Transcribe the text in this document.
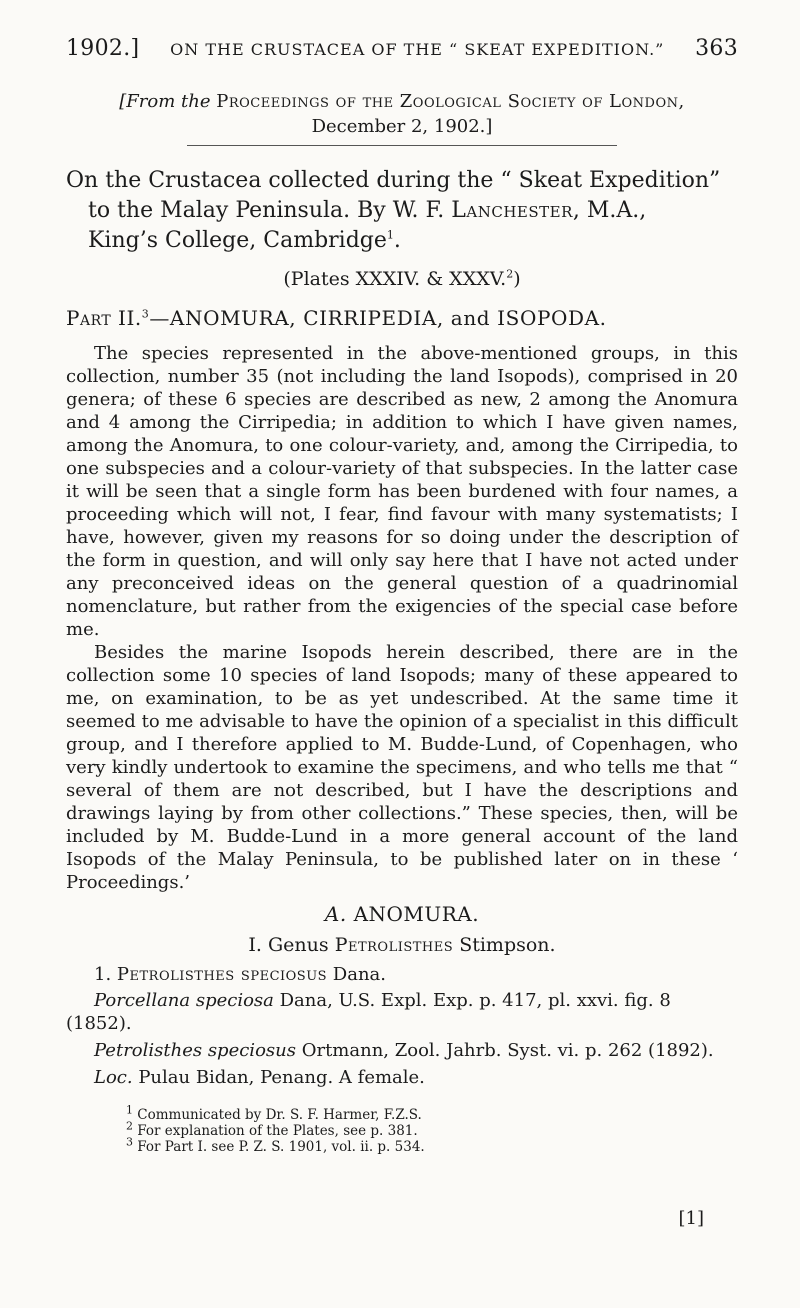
1902.] ON THE CRUSTACEA OF THE “ SKEAT EXPEDITION.” 363
[From the Proceedings of the Zoological Society of London,
December 2, 1902.]
On the Crustacea collected during the “ Skeat Expedition”
to the Malay Peninsula. By W. F. Lanchester, M.A.,
King’s College, Cambridge$^1$.
(Plates XXXIV. & XXXV.$^2$)
Part II.$^3$—ANOMURA, CIRRIPEDIA, and ISOPODA.

The species represented in the above-mentioned groups, in this collection, number 35 (not including the land Isopods), comprised in 20 genera; of these 6 species are described as new, 2 among the Anomura and 4 among the Cirripedia; in addition to which I have given names, among the Anomura, to one colour-variety, and, among the Cirripedia, to one subspecies and a colour-variety of that subspecies. In the latter case it will be seen that a single form has been burdened with four names, a proceeding which will not, I fear, find favour with many systematists; I have, however, given my reasons for so doing under the description of the form in question, and will only say here that I have not acted under any preconceived ideas on the general question of a quadrinomial nomenclature, but rather from the exigencies of the special case before me.

Besides the marine Isopods herein described, there are in the collection some 10 species of land Isopods; many of these appeared to me, on examination, to be as yet undescribed. At the same time it seemed to me advisable to have the opinion of a specialist in this difficult group, and I therefore applied to M. Budde-Lund, of Copenhagen, who very kindly undertook to examine the specimens, and who tells me that “ several of them are not described, but I have the descriptions and drawings laying by from other collections.” These species, then, will be included by M. Budde-Lund in a more general account of the land Isopods of the Malay Peninsula, to be published later on in these ‘ Proceedings.’

A. ANOMURA.
I. Genus Petrolisthes Stimpson.
1. Petrolisthes speciosus Dana.
Porcellana speciosa Dana, U.S. Expl. Exp. p. 417, pl. xxvi. fig. 8 (1852).
Petrolisthes speciosus Ortmann, Zool. Jahrb. Syst. vi. p. 262 (1892).
Loc. Pulau Bidan, Penang. A female.
$^1$ Communicated by Dr. S. F. Harmer, F.Z.S.
$^2$ For explanation of the Plates, see p. 381.
$^3$ For Part I. see P. Z. S. 1901, vol. ii. p. 534.
[1]
